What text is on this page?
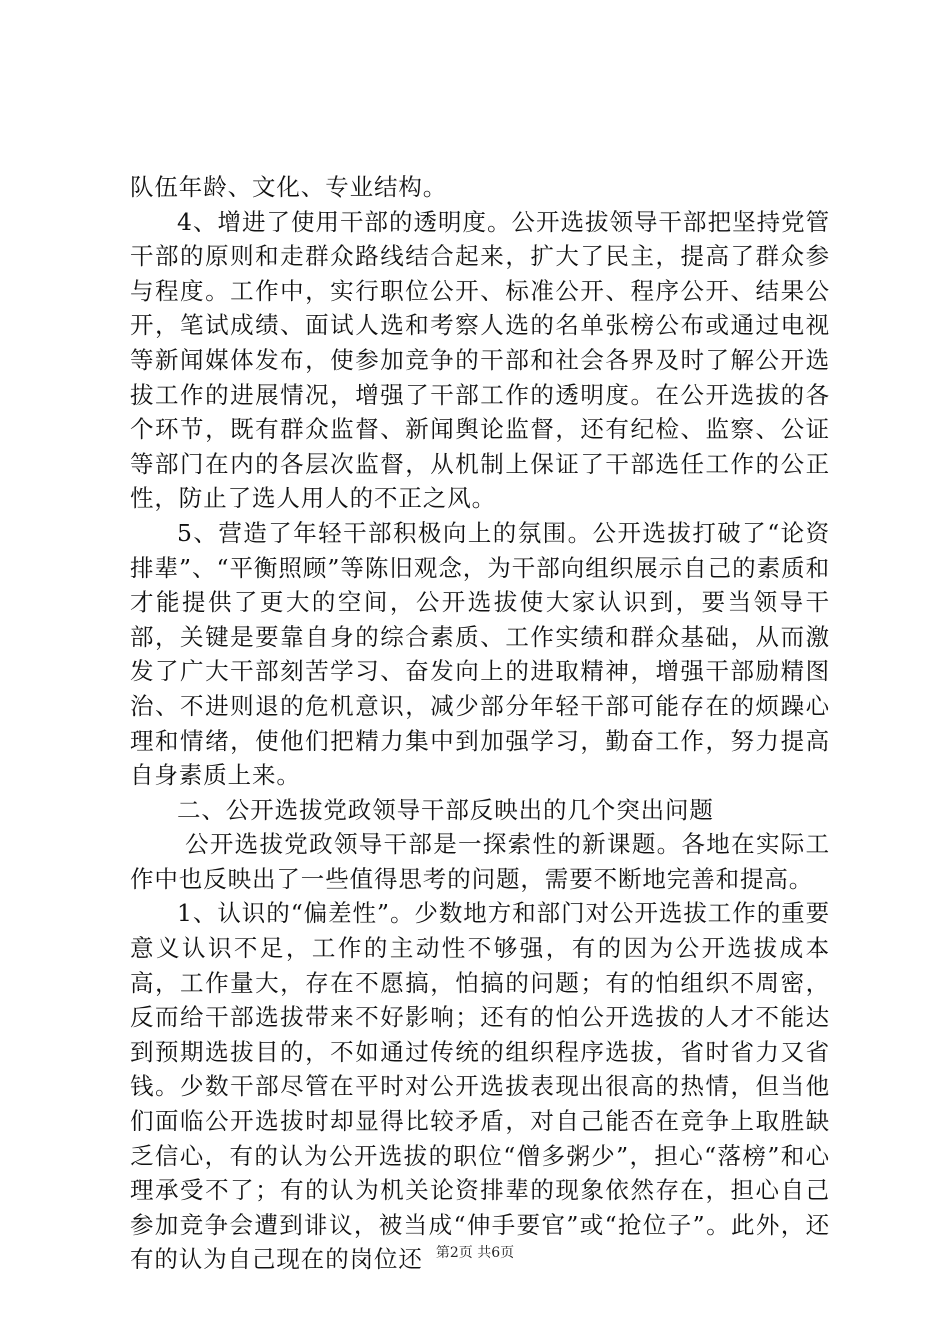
队伍年龄、文化、专业结构。

4、增进了使用干部的透明度。公开选拔领导干部把坚持党管干部的原则和走群众路线结合起来，扩大了民主，提高了群众参与程度。工作中，实行职位公开、标准公开、程序公开、结果公开，笔试成绩、面试人选和考察人选的名单张榜公布或通过电视等新闻媒体发布，使参加竞争的干部和社会各界及时了解公开选拔工作的进展情况，增强了干部工作的透明度。在公开选拔的各个环节，既有群众监督、新闻舆论监督，还有纪检、监察、公证等部门在内的各层次监督，从机制上保证了干部选任工作的公正性，防止了选人用人的不正之风。

5、营造了年轻干部积极向上的氛围。公开选拔打破了“论资排辈”、“平衡照顾”等陈旧观念，为干部向组织展示自己的素质和才能提供了更大的空间，公开选拔使大家认识到，要当领导干部，关键是要靠自身的综合素质、工作实绩和群众基础，从而激发了广大干部刻苦学习、奋发向上的进取精神，增强干部励精图治、不进则退的危机意识，减少部分年轻干部可能存在的烦躁心理和情绪，使他们把精力集中到加强学习，勤奋工作，努力提高自身素质上来。

二、公开选拔党政领导干部反映出的几个突出问题

公开选拔党政领导干部是一探索性的新课题。各地在实际工作中也反映出了一些值得思考的问题，需要不断地完善和提高。

1、认识的“偏差性”。少数地方和部门对公开选拔工作的重要意义认识不足，工作的主动性不够强，有的因为公开选拔成本高，工作量大，存在不愿搞，怕搞的问题；有的怕组织不周密，反而给干部选拔带来不好影响；还有的怕公开选拔的人才不能达到预期选拔目的，不如通过传统的组织程序选拔，省时省力又省钱。少数干部尽管在平时对公开选拔表现出很高的热情，但当他们面临公开选拔时却显得比较矛盾，对自己能否在竞争上取胜缺乏信心，有的认为公开选拔的职位“僧多粥少”，担心“落榜”和心理承受不了；有的认为机关论资排辈的现象依然存在，担心自己参加竞争会遭到诽议，被当成“伸手要官”或“抢位子”。此外，还有的认为自己现在的岗位还 第2页 共6页
